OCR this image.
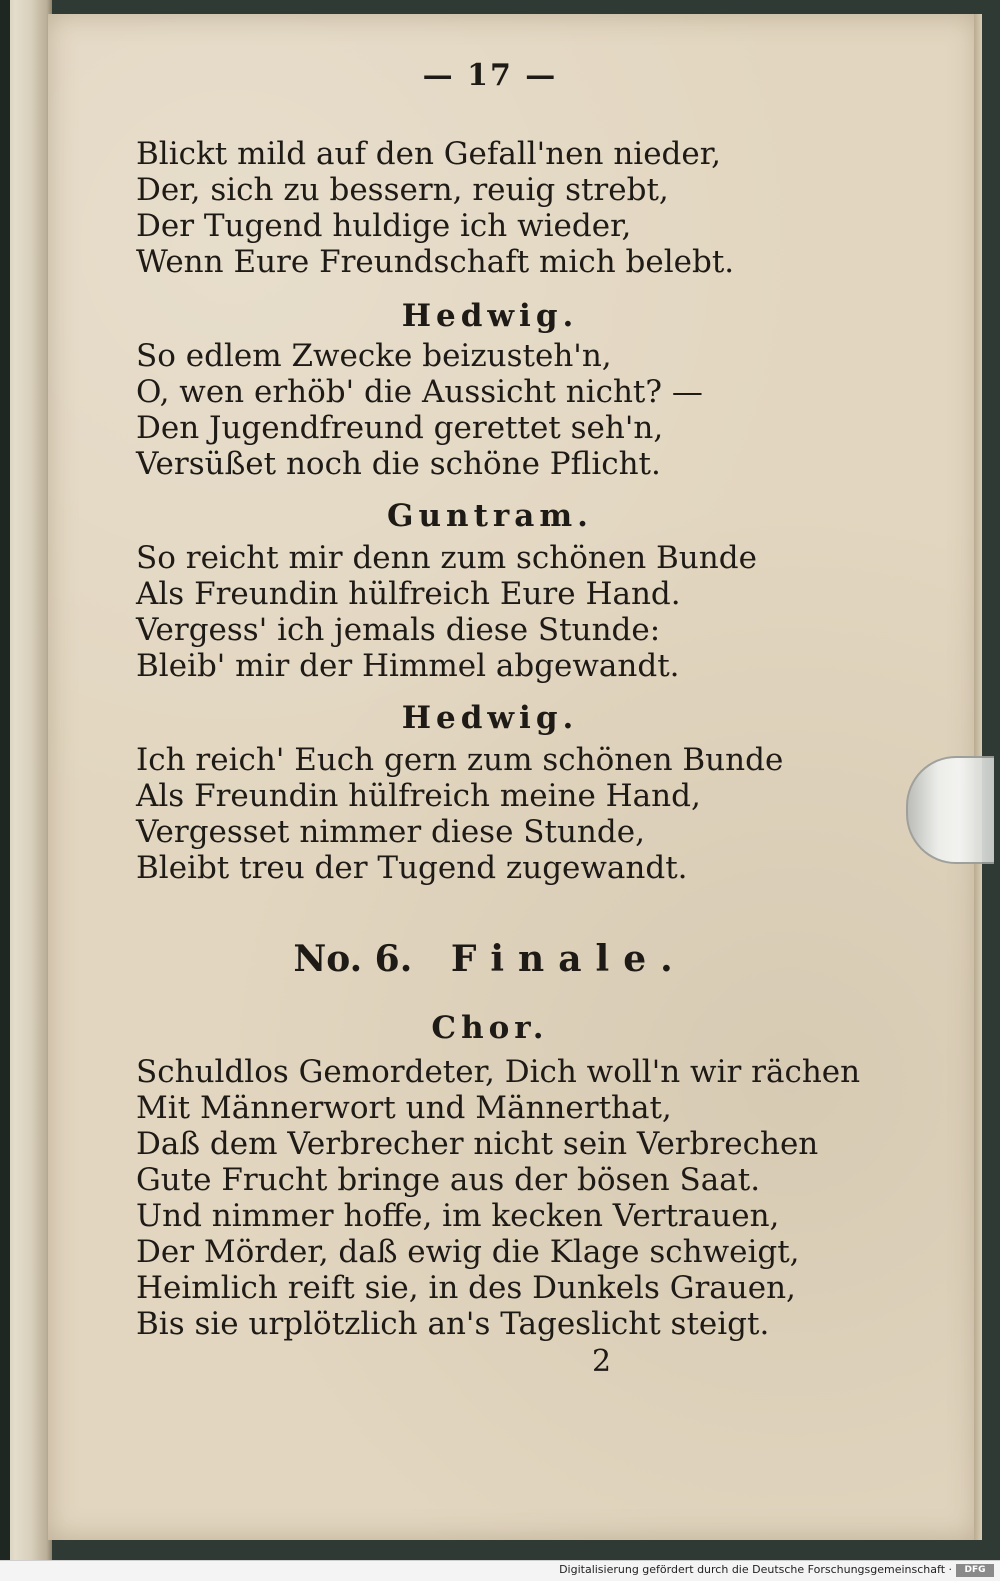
— 17 —
Blickt mild auf den Gefall'nen nieder,
Der, sich zu bessern, reuig strebt,
Der Tugend huldige ich wieder,
Wenn Eure Freundschaft mich belebt.
Hedwig.
So edlem Zwecke beizusteh'n,
O, wen erhöb' die Aussicht nicht? —
Den Jugendfreund gerettet seh'n,
Versüßet noch die schöne Pflicht.
Guntram.
So reicht mir denn zum schönen Bunde
Als Freundin hülfreich Eure Hand.
Vergess' ich jemals diese Stunde:
Bleib' mir der Himmel abgewandt.
Hedwig.
Ich reich' Euch gern zum schönen Bunde
Als Freundin hülfreich meine Hand,
Vergesset nimmer diese Stunde,
Bleibt treu der Tugend zugewandt.
No. 6. Finale.
Chor.
Schuldlos Gemordeter, Dich woll'n wir rächen
Mit Männerwort und Männerthat,
Daß dem Verbrecher nicht sein Verbrechen
Gute Frucht bringe aus der bösen Saat.
Und nimmer hoffe, im kecken Vertrauen,
Der Mörder, daß ewig die Klage schweigt,
Heimlich reift sie, in des Dunkels Grauen,
Bis sie urplötzlich an's Tageslicht steigt.
2
Digitalisierung gefördert durch die Deutsche Forschungsgemeinschaft ·	DFG
